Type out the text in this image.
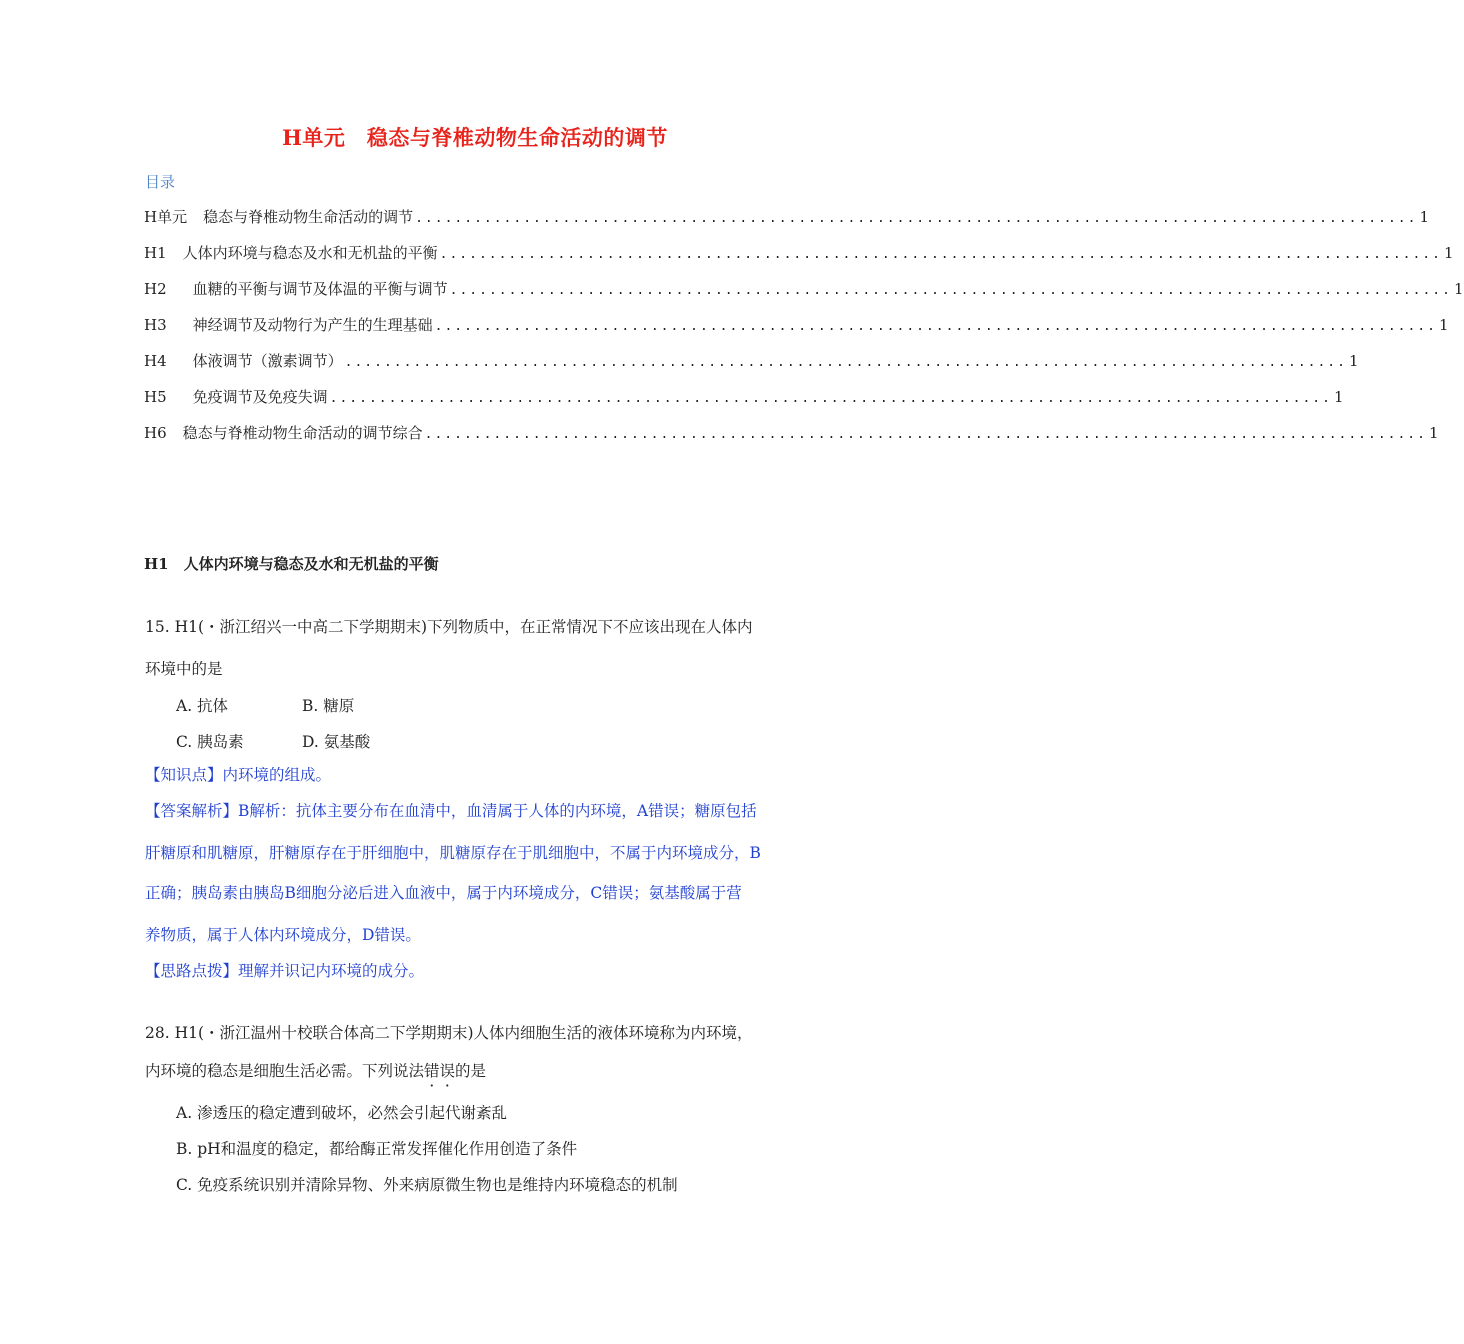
H单元　稳态与脊椎动物生命活动的调节
目录
H单元 稳态与脊椎动物生命活动的调节 ...................................................................................................... 1
H1 人体内环境与稳态及水和无机盐的平衡 ...................................................................................................... 1
H2 血糖的平衡与调节及体温的平衡与调节 ...................................................................................................... 1
H3 神经调节及动物行为产生的生理基础 ...................................................................................................... 1
H4 体液调节（激素调节） ...................................................................................................... 1
H5 免疫调节及免疫失调 ...................................................................................................... 1
H6 稳态与脊椎动物生命活动的调节综合 ...................................................................................................... 1
H1　人体内环境与稳态及水和无机盐的平衡
15. H1(・浙江绍兴一中高二下学期期末)下列物质中，在正常情况下不应该出现在人体内
环境中的是
A. 抗体	B. 糖原
C. 胰岛素	D. 氨基酸
【知识点】内环境的组成。
【答案解析】B解析：抗体主要分布在血清中，血清属于人体的内环境，A错误；糖原包括
肝糖原和肌糖原，肝糖原存在于肝细胞中，肌糖原存在于肌细胞中，不属于内环境成分，B
正确；胰岛素由胰岛B细胞分泌后进入血液中，属于内环境成分，C错误；氨基酸属于营
养物质，属于人体内环境成分，D错误。
【思路点拨】理解并识记内环境的成分。
28. H1(・浙江温州十校联合体高二下学期期末)人体内细胞生活的液体环境称为内环境，
内环境的稳态是细胞生活必需。下列说法错误的是
A. 渗透压的稳定遭到破坏，必然会引起代谢紊乱
B. pH和温度的稳定，都给酶正常发挥催化作用创造了条件
C. 免疫系统识别并清除异物、外来病原微生物也是维持内环境稳态的机制
